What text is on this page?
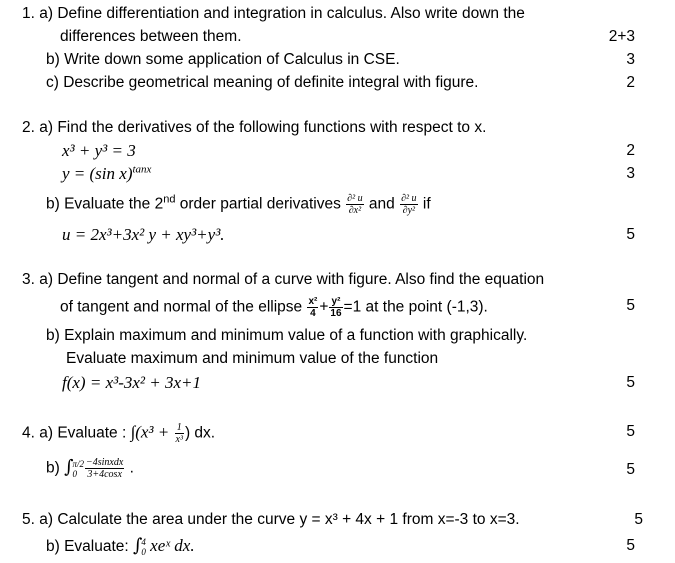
1. a) Define differentiation and integration in calculus. Also write down the
differences between them.	2+3
b) Write down some application of Calculus in CSE.	3
c) Describe geometrical meaning of definite integral with figure.	2
2. a) Find the derivatives of the following functions with respect to x.
x³ + y³ = 3	2
y = (sin x)$^{tanx}$	3
b) Evaluate the 2nd order partial derivatives $\frac{\text{∂² u}}{\text{∂x²}}$ and $\frac{\text{∂² u}}{\text{∂y²}}$ if
u = 2x³+3x² y + xy³+y³.	5
3. a) Define tangent and normal of a curve with figure. Also find the equation
of tangent and normal of the ellipse $\frac{\text{x²}}{4} + \frac{\text{y²}}{16} =1$ at the point (-1,3).	5
b) Explain maximum and minimum value of a function with graphically.
Evaluate maximum and minimum value of the function
f(x) = x³-3x² + 3x+1	5
4. a) Evaluate : $\int(x^3 + \frac{1}{\text{x³}}$ ) dx.	5
b) ∫ π/2
$0 \frac{\text{−4sinxdx}}{3+4\cos x}$ .	5
5. a) Calculate the area under the curve y = x³ + 4x + 1 from x=-3 to x=3.	5
b) Evaluate: ∫ 4
0 xeˣ dx.	5
